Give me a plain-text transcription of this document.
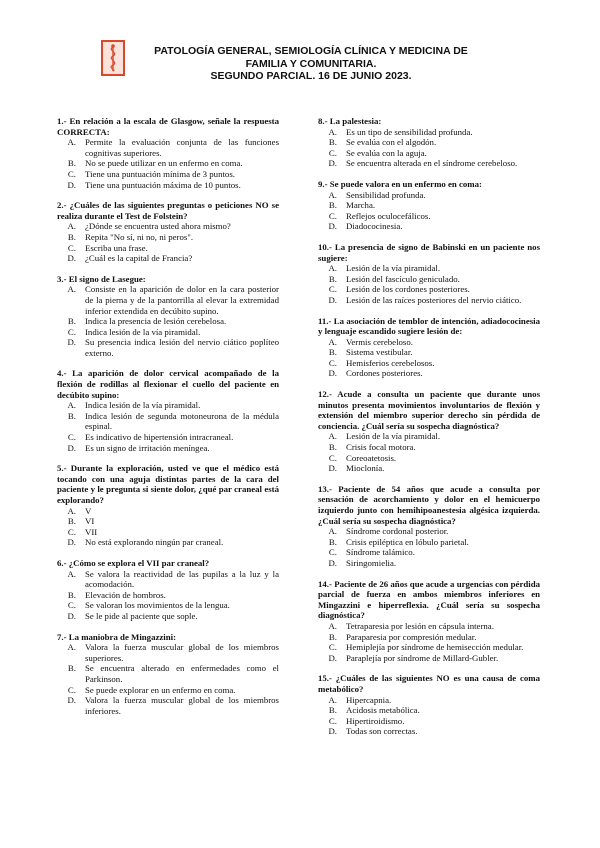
PATOLOGÍA GENERAL, SEMIOLOGÍA CLÍNICA Y MEDICINA DE
FAMILIA Y COMUNITARIA.
SEGUNDO PARCIAL. 16 DE JUNIO 2023.
1.- En relación a la escala de Glasgow, señale la respuesta CORRECTA:
A.	Permite la evaluación conjunta de las funciones cognitivas superiores.
B.	No se puede utilizar en un enfermo en coma.
C.	Tiene una puntuación mínima de 3 puntos.
D.	Tiene una puntuación máxima de 10 puntos.
2.- ¿Cuáles de las siguientes preguntas o peticiones NO se realiza durante el Test de Folstein?
A.	¿Dónde se encuentra usted ahora mismo?
B.	Repita "No sí, ni no, ni peros".
C.	Escriba una frase.
D.	¿Cuál es la capital de Francia?
3.- El signo de Lasegue:
A.	Consiste en la aparición de dolor en la cara posterior de la pierna y de la pantorrilla al elevar la extremidad inferior extendida en decúbito supino.
B.	Indica la presencia de lesión cerebelosa.
C.	Indica lesión de la vía piramidal.
D.	Su presencia indica lesión del nervio ciático poplíteo externo.
4.- La aparición de dolor cervical acompañado de la flexión de rodillas al flexionar el cuello del paciente en decúbito supino:
A.	Indica lesión de la vía piramidal.
B.	Indica lesión de segunda motoneurona de la médula espinal.
C.	Es indicativo de hipertensión intracraneal.
D.	Es un signo de irritación meníngea.
5.- Durante la exploración, usted ve que el médico está tocando con una aguja distintas partes de la cara del paciente y le pregunta si siente dolor, ¿qué par craneal está explorando?
A.	V
B.	VI
C.	VII
D.	No está explorando ningún par craneal.
6.- ¿Cómo se explora el VII par craneal?
A.	Se valora la reactividad de las pupilas a la luz y la acomodación.
B.	Elevación de hombros.
C.	Se valoran los movimientos de la lengua.
D.	Se le pide al paciente que sople.
7.- La maniobra de Mingazzini:
A.	Valora la fuerza muscular global de los miembros superiores.
B.	Se encuentra alterado en enfermedades como el Parkinson.
C.	Se puede explorar en un enfermo en coma.
D.	Valora la fuerza muscular global de los miembros inferiores.
8.- La palestesia:
A.	Es un tipo de sensibilidad profunda.
B.	Se evalúa con el algodón.
C.	Se evalúa con la aguja.
D.	Se encuentra alterada en el síndrome cerebeloso.
9.- Se puede valora en un enfermo en coma:
A.	Sensibilidad profunda.
B.	Marcha.
C.	Reflejos oculocefálicos.
D.	Diadococinesia.
10.- La presencia de signo de Babinski en un paciente nos sugiere:
A.	Lesión de la vía piramidal.
B.	Lesión del fascículo geniculado.
C.	Lesión de los cordones posteriores.
D.	Lesión de las raíces posteriores del nervio ciático.
11.- La asociación de temblor de intención, adiadococinesia y lenguaje escandido sugiere lesión de:
A.	Vermis cerebeloso.
B.	Sistema vestibular.
C.	Hemisferios cerebelosos.
D.	Cordones posteriores.
12.- Acude a consulta un paciente que durante unos minutos presenta movimientos involuntarios de flexión y extensión del miembro superior derecho sin pérdida de conciencia. ¿Cuál sería su sospecha diagnóstica?
A.	Lesión de la vía piramidal.
B.	Crisis focal motora.
C.	Coreoatetosis.
D.	Mioclonía.
13.- Paciente de 54 años que acude a consulta por sensación de acorchamiento y dolor en el hemicuerpo izquierdo junto con hemihipoanestesia algésica izquierda. ¿Cuál sería su sospecha diagnóstica?
A.	Síndrome cordonal posterior.
B.	Crisis epiléptica en lóbulo parietal.
C.	Síndrome talámico.
D.	Siringomielia.
14.- Paciente de 26 años que acude a urgencias con pérdida parcial de fuerza en ambos miembros inferiores en Mingazzini e hiperreflexia. ¿Cuál sería su sospecha diagnóstica?
A.	Tetraparesia por lesión en cápsula interna.
B.	Paraparesia por compresión medular.
C.	Hemiplejía por síndrome de hemisección medular.
D.	Paraplejía por síndrome de Millard-Gubler.
15.- ¿Cuáles de las siguientes NO es una causa de coma metabólico?
A.	Hipercapnia.
B.	Acidosis metabólica.
C.	Hipertiroidismo.
D.	Todas son correctas.
